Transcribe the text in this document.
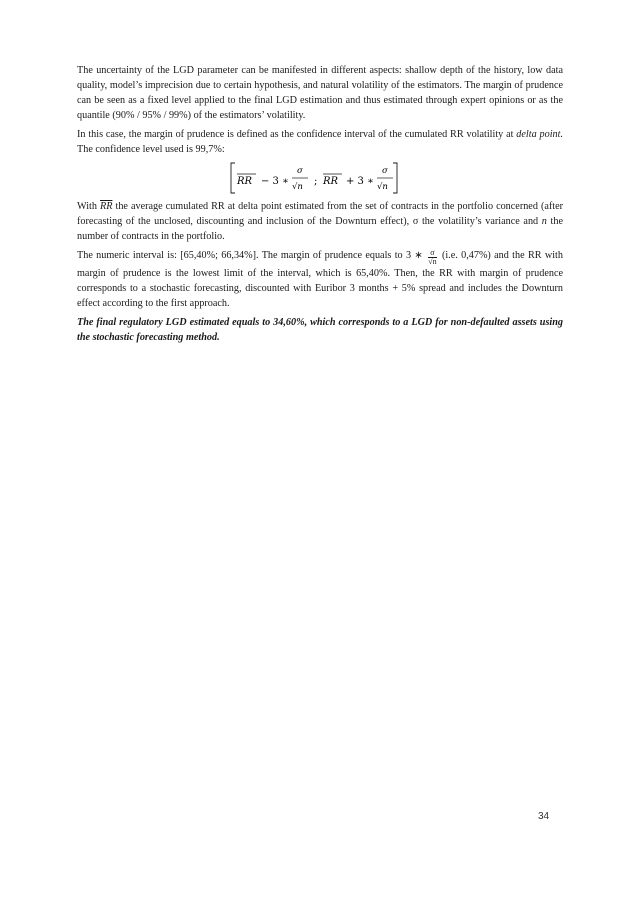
The uncertainty of the LGD parameter can be manifested in different aspects: shallow depth of the history, low data quality, model’s imprecision due to certain hypothesis, and natural volatility of the estimators. The margin of prudence can be seen as a fixed level applied to the final LGD estimation and thus estimated through expert opinions or as the quantile (90% / 95% / 99%) of the estimators’ volatility.

In this case, the margin of prudence is defined as the confidence interval of the cumulated RR volatility at delta point. The confidence level used is 99,7%:

RR − 3 ∗
σ
√n ; RR + 3 ∗
σ
√n

With $\overline{RR}$ the average cumulated RR at delta point estimated from the set of contracts in the portfolio concerned (after forecasting of the unclosed, discounting and inclusion of the Downturn effect), σ the volatility’s variance and n the number of contracts in the portfolio.

The numeric interval is: [65,40%; 66,34%]. The margin of prudence equals to 3 ∗ $\frac{\sigma}{√n} (i.e$. 0,47%) and the RR with margin of prudence is the lowest limit of the interval, which is 65,40%. Then, the RR with margin of prudence corresponds to a stochastic forecasting, discounted with Euribor 3 months + 5% spread and includes the Downturn effect according to the first approach.

The final regulatory LGD estimated equals to 34,60%, which corresponds to a LGD for non-defaulted assets using the stochastic forecasting method.

34
